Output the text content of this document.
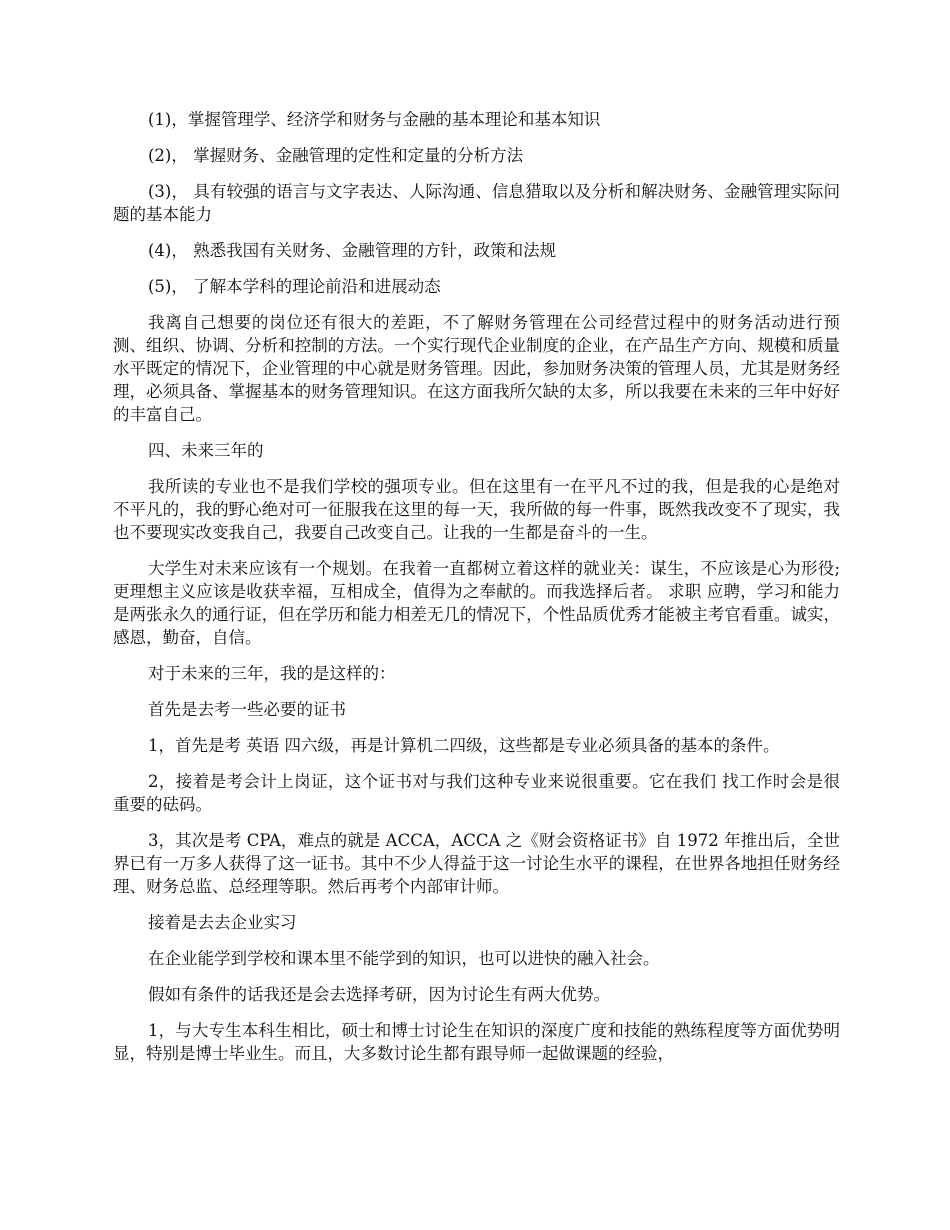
(1)，掌握管理学、经济学和财务与金融的基本理论和基本知识

(2)， 掌握财务、金融管理的定性和定量的分析方法

(3)， 具有较强的语言与文字表达、人际沟通、信息猎取以及分析和解决财务、金融管理实际问题的基本能力

(4)， 熟悉我国有关财务、金融管理的方针，政策和法规

(5)， 了解本学科的理论前沿和进展动态

我离自己想要的岗位还有很大的差距，不了解财务管理在公司经营过程中的财务活动进行预测、组织、协调、分析和控制的方法。一个实行现代企业制度的企业，在产品生产方向、规模和质量水平既定的情况下，企业管理的中心就是财务管理。因此，参加财务决策的管理人员，尤其是财务经理，必须具备、掌握基本的财务管理知识。在这方面我所欠缺的太多，所以我要在未来的三年中好好的丰富自己。

四、未来三年的

我所读的专业也不是我们学校的强项专业。但在这里有一在平凡不过的我，但是我的心是绝对不平凡的，我的野心绝对可一征服我在这里的每一天，我所做的每一件事，既然我改变不了现实，我也不要现实改变我自己，我要自己改变自己。让我的一生都是奋斗的一生。

大学生对未来应该有一个规划。在我着一直都树立着这样的就业关：谋生，不应该是心为形役;更理想主义应该是收获幸福，互相成全，值得为之奉献的。而我选择后者。 求职 应聘，学习和能力是两张永久的通行证，但在学历和能力相差无几的情况下，个性品质优秀才能被主考官看重。诚实，感恩，勤奋，自信。

对于未来的三年，我的是这样的：

首先是去考一些必要的证书

1，首先是考 英语 四六级，再是计算机二四级，这些都是专业必须具备的基本的条件。

2，接着是考会计上岗证，这个证书对与我们这种专业来说很重要。它在我们 找工作时会是很重要的砝码。

3，其次是考 CPA，难点的就是 ACCA，ACCA 之《财会资格证书》自 1972 年推出后，全世界已有一万多人获得了这一证书。其中不少人得益于这一讨论生水平的课程，在世界各地担任财务经理、财务总监、总经理等职。然后再考个内部审计师。

接着是去去企业实习

在企业能学到学校和课本里不能学到的知识，也可以进快的融入社会。

假如有条件的话我还是会去选择考研，因为讨论生有两大优势。

1，与大专生本科生相比，硕士和博士讨论生在知识的深度广度和技能的熟练程度等方面优势明显，特别是博士毕业生。而且，大多数讨论生都有跟导师一起做课题的经验，
